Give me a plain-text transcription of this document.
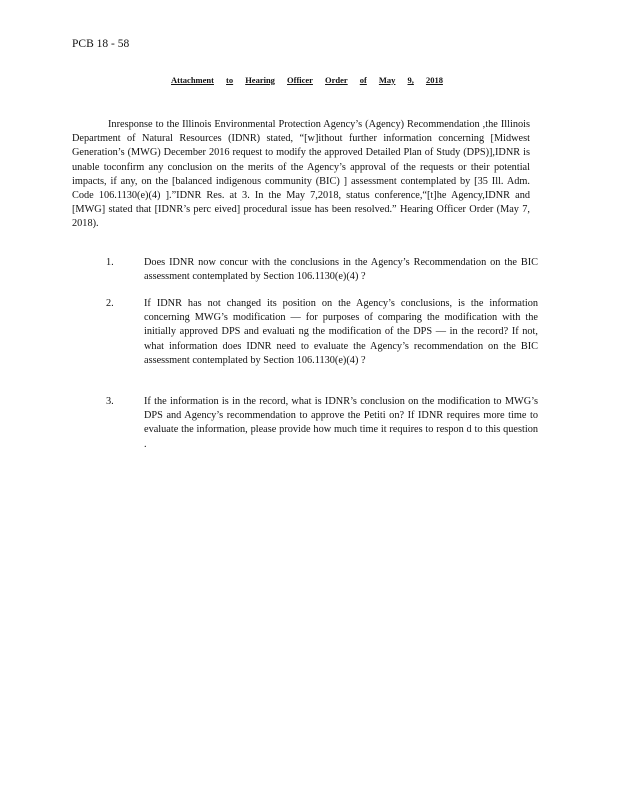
PCB 18 - 58
Attachment to Hearing Officer Order of May 9, 2018

Inresponse to the Illinois Environmental Protection Agency’s (Agency) Recommendation ,the Illinois Department of Natural Resources (IDNR) stated, “[w]ithout further information concerning [Midwest Generation’s (MWG) December 2016 request to modify the approved Detailed Plan of Study (DPS)],IDNR is unable toconfirm any conclusion on the merits of the Agency’s approval of the requests or their potential impacts, if any, on the [balanced indigenous community (BIC) ] assessment contemplated by [35 Ill. Adm. Code 106.1130(e)(4) ].”IDNR Res. at 3. In the May 7,2018, status conference,“[t]he Agency,IDNR and [MWG] stated that [IDNR’s perc eived] procedural issue has been resolved.” Hearing Officer Order (May 7, 2018).

1.	Does IDNR now concur with the conclusions in the Agency’s Recommendation on the BIC assessment contemplated by Section 106.1130(e)(4) ?

2.	If IDNR has not changed its position on the Agency’s conclusions, is the information concerning MWG’s modification — for purposes of comparing the modification with the initially approved DPS and evaluati ng the modification of the DPS — in the record? If not, what information does IDNR need to evaluate the Agency’s recommendation on the BIC assessment contemplated by Section 106.1130(e)(4) ?

3.	If the information is in the record, what is IDNR’s conclusion on the modification to MWG’s DPS and Agency’s recommendation to approve the Petiti on? If IDNR requires more time to evaluate the information, please provide how much time it requires to respon d to this question .
